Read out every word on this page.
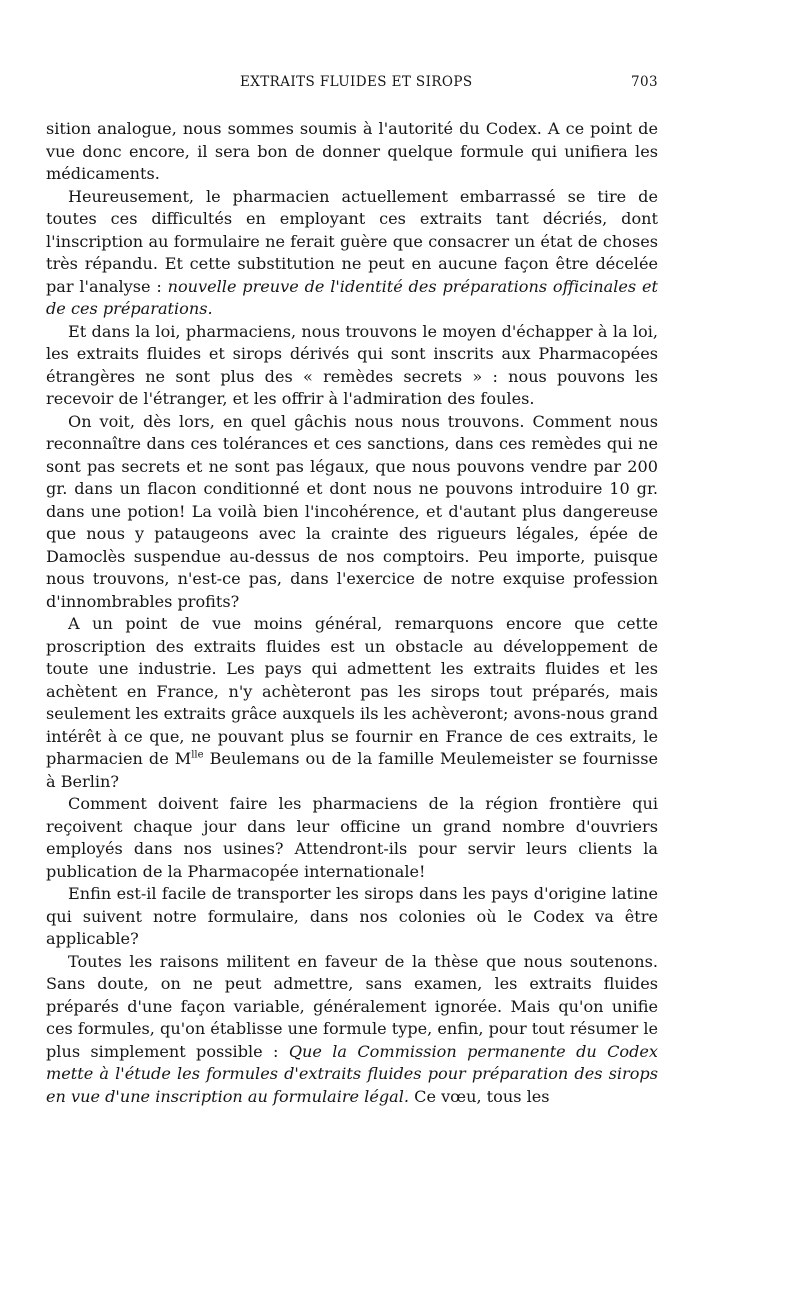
EXTRAITS FLUIDES ET SIROPS	703

sition analogue, nous sommes soumis à l'autorité du Codex. A ce point de vue donc encore, il sera bon de donner quelque formule qui unifiera les médicaments.

Heureusement, le pharmacien actuellement embarrassé se tire de toutes ces difficultés en employant ces extraits tant décriés, dont l'inscription au formulaire ne ferait guère que consacrer un état de choses très répandu. Et cette substitution ne peut en aucune façon être décelée par l'analyse : nouvelle preuve de l'identité des préparations officinales et de ces préparations.

Et dans la loi, pharmaciens, nous trouvons le moyen d'échapper à la loi, les extraits fluides et sirops dérivés qui sont inscrits aux Pharmacopées étrangères ne sont plus des « remèdes secrets » : nous pouvons les recevoir de l'étranger, et les offrir à l'admiration des foules.

On voit, dès lors, en quel gâchis nous nous trouvons. Comment nous reconnaître dans ces tolérances et ces sanctions, dans ces remèdes qui ne sont pas secrets et ne sont pas légaux, que nous pouvons vendre par 200 gr. dans un flacon conditionné et dont nous ne pouvons introduire 10 gr. dans une potion! La voilà bien l'incohérence, et d'autant plus dangereuse que nous y pataugeons avec la crainte des rigueurs légales, épée de Damoclès suspendue au-dessus de nos comptoirs. Peu importe, puisque nous trouvons, n'est-ce pas, dans l'exercice de notre exquise profession d'innombrables profits?

A un point de vue moins général, remarquons encore que cette proscription des extraits fluides est un obstacle au développement de toute une industrie. Les pays qui admettent les extraits fluides et les achètent en France, n'y achèteront pas les sirops tout préparés, mais seulement les extraits grâce auxquels ils les achèveront; avons-nous grand intérêt à ce que, ne pouvant plus se fournir en France de ces extraits, le pharmacien de $M^{lle}$ Beulemans ou de la famille Meulemeister se fournisse à Berlin?

Comment doivent faire les pharmaciens de la région frontière qui reçoivent chaque jour dans leur officine un grand nombre d'ouvriers employés dans nos usines? Attendront-ils pour servir leurs clients la publication de la Pharmacopée internationale!

Enfin est-il facile de transporter les sirops dans les pays d'origine latine qui suivent notre formulaire, dans nos colonies où le Codex va être applicable?

Toutes les raisons militent en faveur de la thèse que nous soutenons. Sans doute, on ne peut admettre, sans examen, les extraits fluides préparés d'une façon variable, généralement ignorée. Mais qu'on unifie ces formules, qu'on établisse une formule type, enfin, pour tout résumer le plus simplement possible : Que la Commission permanente du Codex mette à l'étude les formules d'extraits fluides pour préparation des sirops en vue d'une inscription au formulaire légal. Ce vœu, tous les
